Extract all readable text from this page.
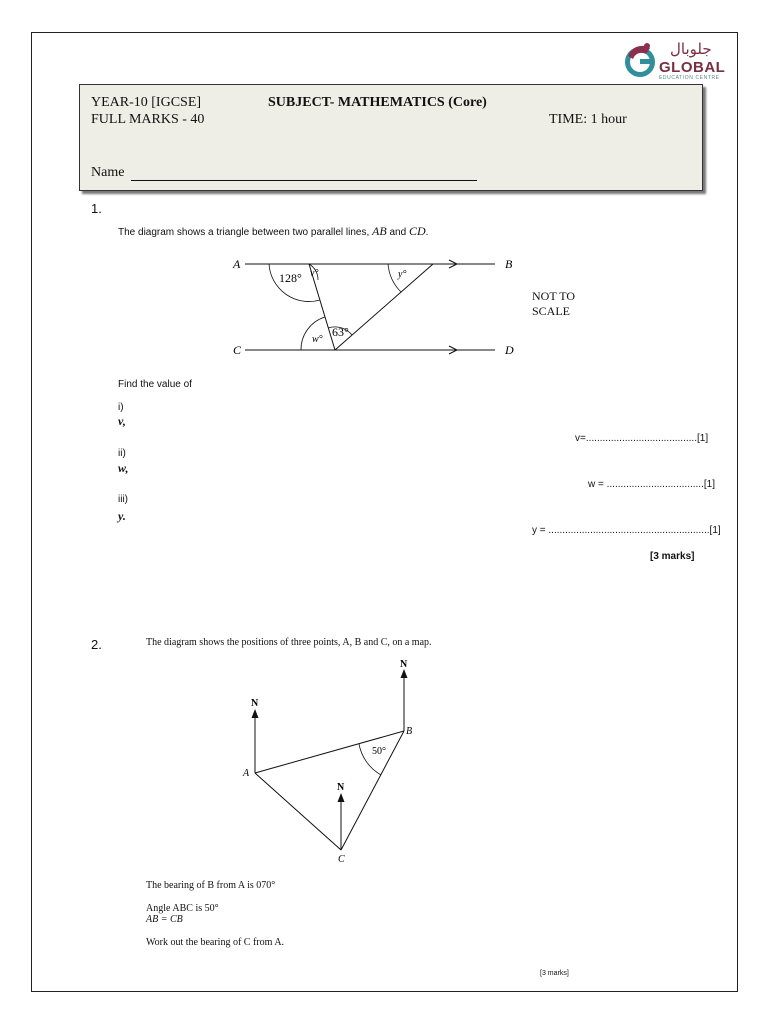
جلوبال
GLOBAL
EDUCATION CENTRE
YEAR-10 [IGCSE]	SUBJECT- MATHEMATICS (Core)
FULL MARKS - 40	TIME: 1 hour
Name
1.
The diagram shows a triangle between two parallel lines, AB and CD.
A	B
C	D
128° v°	y°
w°
63°
NOT TO
SCALE
Find the value of
i)
v,
v=........................................[1]
ii)
w,
w = ...................................[1]
iii)
y.
y = ..........................................................[1]
[3 marks]
2.	The diagram shows the positions of three points, A, B and C, on a map.
N
N
N
A
B
C
50°
The bearing of B from A is 070°
Angle ABC is 50°
AB = CB
Work out the bearing of C from A.
[3 marks]
